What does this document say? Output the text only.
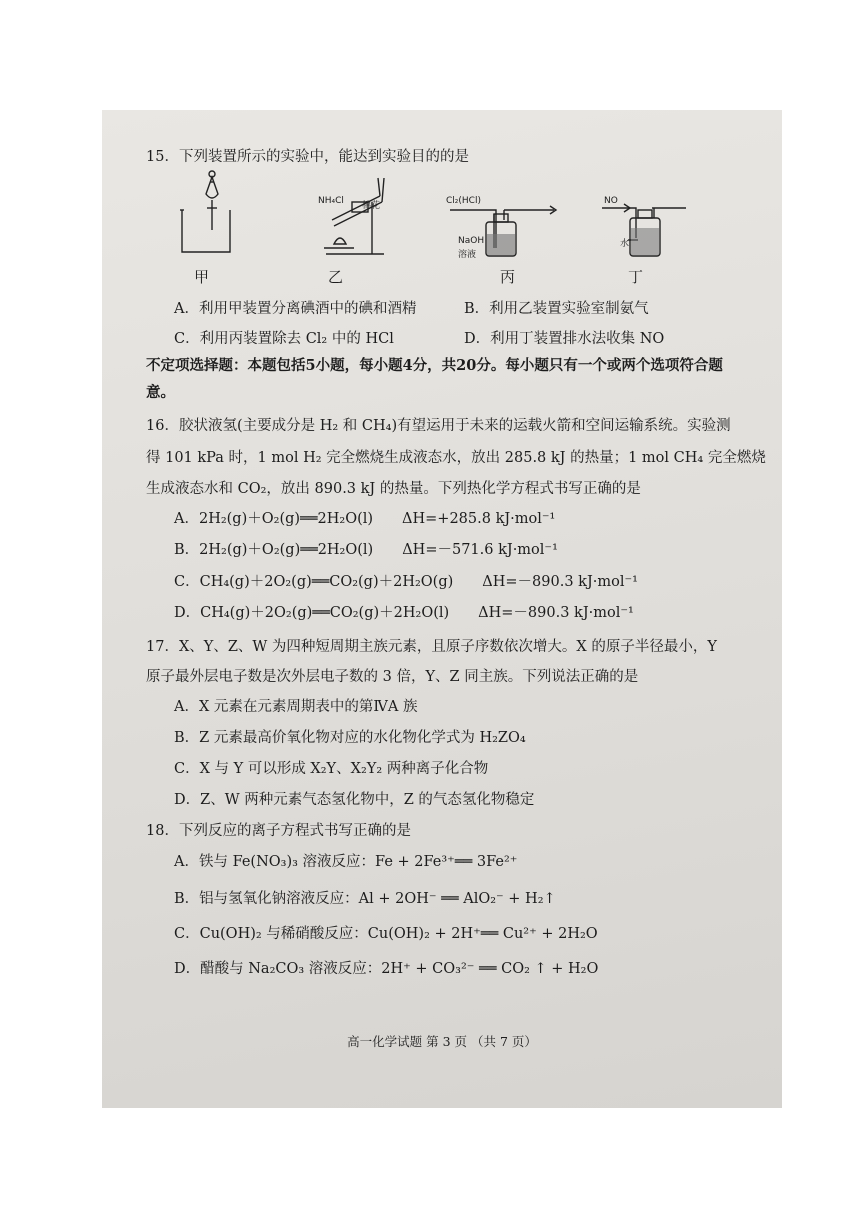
15．下列装置所示的实验中，能达到实验目的的是
甲
NH₄Cl 棉花
乙
Cl₂(HCl)
NaOH
溶液
丙
NO
水
丁
A．利用甲装置分离碘酒中的碘和酒精	B．利用乙装置实验室制氨气
C．利用丙装置除去 Cl₂ 中的 HCl	D．利用丁装置排水法收集 NO
不定项选择题：本题包括5小题，每小题4分，共20分。每小题只有一个或两个选项符合题
意。
16．胶状液氢(主要成分是 H₂ 和 CH₄)有望运用于未来的运载火箭和空间运输系统。实验测
得 101 kPa 时，1 mol H₂ 完全燃烧生成液态水，放出 285.8 kJ 的热量；1 mol CH₄ 完全燃烧
生成液态水和 CO₂，放出 890.3 kJ 的热量。下列热化学方程式书写正确的是
A．2H₂(g)＋O₂(g)══2H₂O(l)　　ΔH=+285.8 kJ·mol⁻¹
B．2H₂(g)＋O₂(g)══2H₂O(l)　　ΔH=－571.6 kJ·mol⁻¹
C．CH₄(g)＋2O₂(g)══CO₂(g)＋2H₂O(g)　　ΔH=－890.3 kJ·mol⁻¹
D．CH₄(g)＋2O₂(g)══CO₂(g)＋2H₂O(l)　　ΔH=－890.3 kJ·mol⁻¹
17．X、Y、Z、W 为四种短周期主族元素，且原子序数依次增大。X 的原子半径最小，Y
原子最外层电子数是次外层电子数的 3 倍，Y、Z 同主族。下列说法正确的是
A．X 元素在元素周期表中的第ⅣA 族
B．Z 元素最高价氧化物对应的水化物化学式为 H₂ZO₄
C．X 与 Y 可以形成 X₂Y、X₂Y₂ 两种离子化合物
D．Z、W 两种元素气态氢化物中，Z 的气态氢化物稳定
18．下列反应的离子方程式书写正确的是
A．铁与 Fe(NO₃)₃ 溶液反应：Fe + 2Fe³⁺══ 3Fe²⁺
B．铝与氢氧化钠溶液反应：Al + 2OH⁻ ══ AlO₂⁻ + H₂↑
C．Cu(OH)₂ 与稀硝酸反应：Cu(OH)₂ + 2H⁺══ Cu²⁺ + 2H₂O
D．醋酸与 Na₂CO₃ 溶液反应：2H⁺ + CO₃²⁻ ══ CO₂ ↑ + H₂O
高一化学试题 第 3 页 （共 7 页）
